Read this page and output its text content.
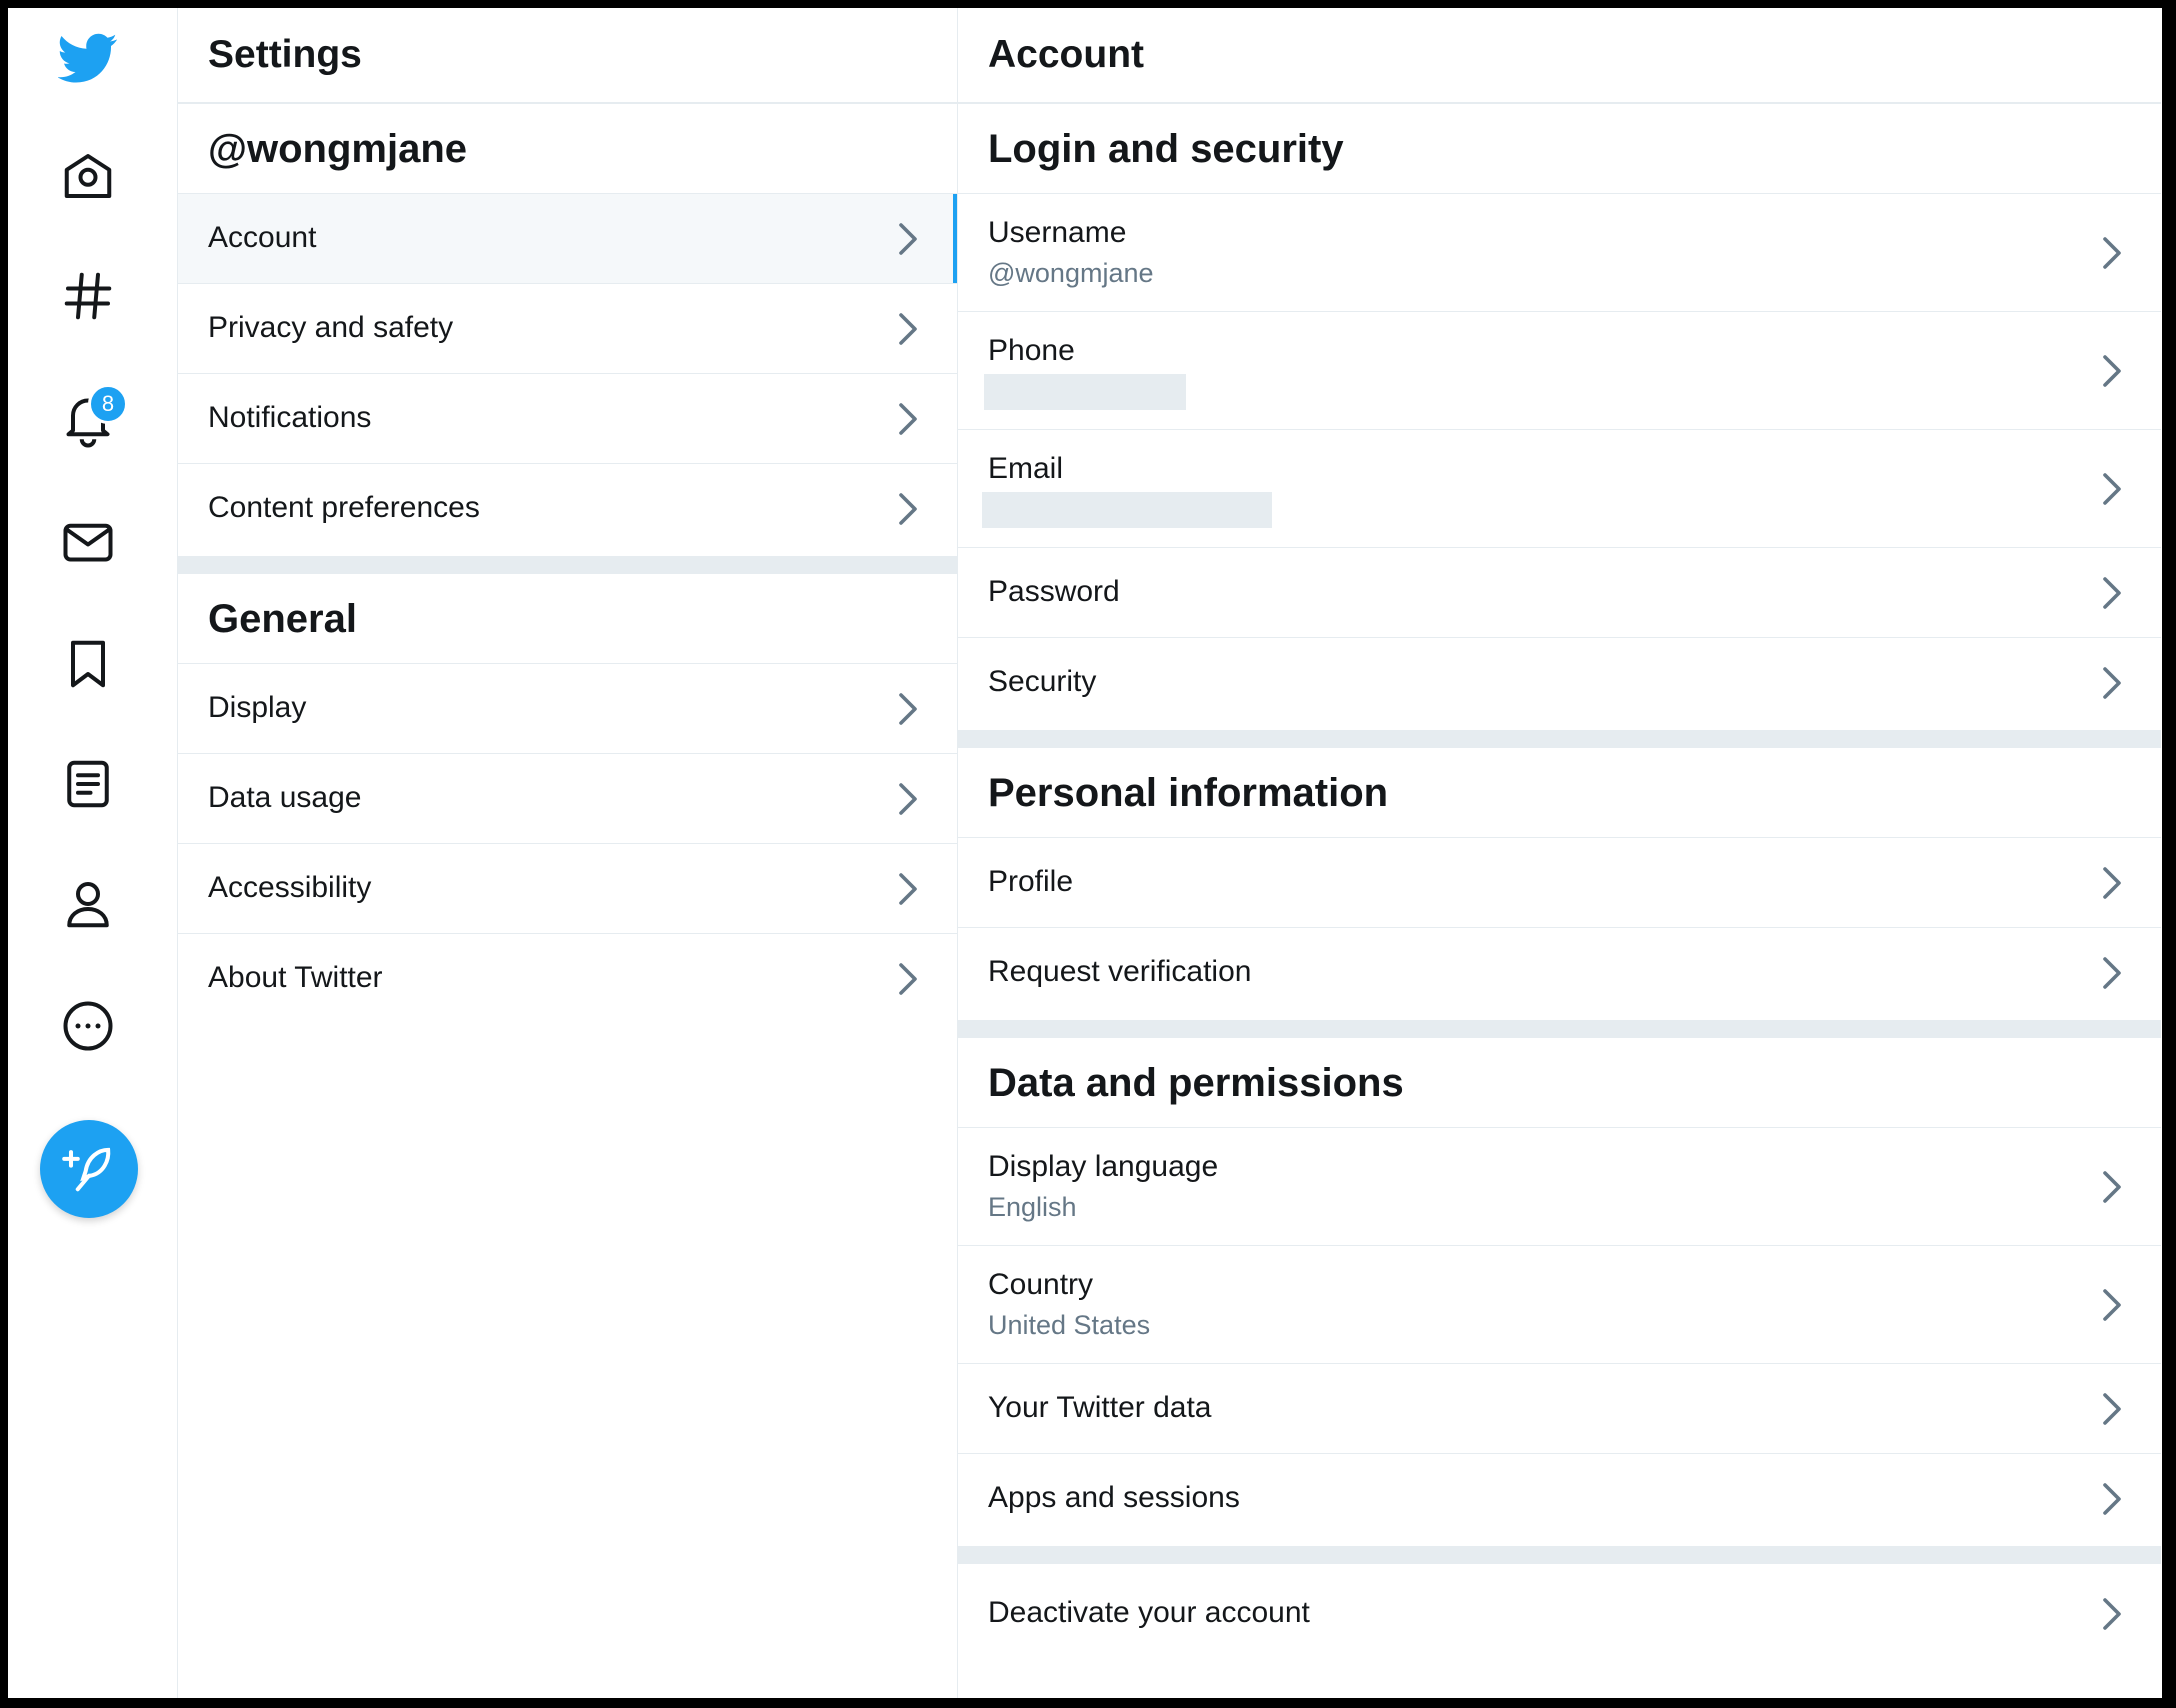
8
Settings
@wongmjane
Account
Privacy and safety
Notifications
Content preferences
General
Display
Data usage
Accessibility
About Twitter
Account
Login and security
Username
@wongmjane
Phone
Email
Password
Security
Personal information
Profile
Request verification
Data and permissions
Display language
English
Country
United States
Your Twitter data
Apps and sessions
Deactivate your account
